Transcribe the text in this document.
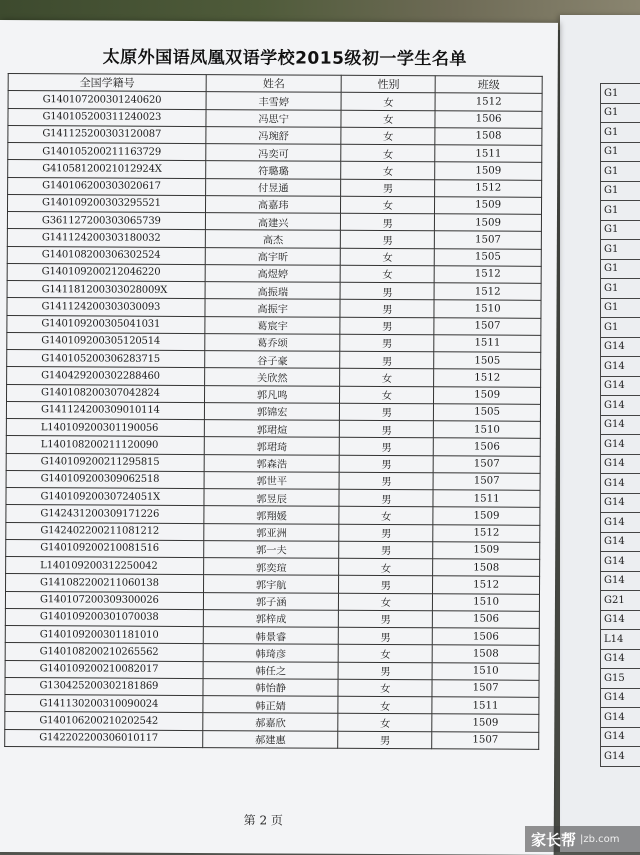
G1
G1
G1
G1
G1
G1
G1
G1
G1
G1
G1
G1
G1
G14
G14
G14
G14
G14
G14
G14
G14
G14
G14
G14
G14
G14
G21
G14
L14
G14
G15
G14
G14
G14
G14
太原外国语凤凰双语学校2015级初一学生名单
全国学籍号	姓名	性别	班级
G140107200301240620	丰雪婷	女	1512
G140105200311240023	冯思宁	女	1506
G141125200303120087	冯琬舒	女	1508
G140105200211163729	冯奕可	女	1511
G410581200210129​24X	符璐璐	女	1509
G140106200303020617	付昱通	男	1512
G140109200303295521	高嘉玮	女	1509
G361127200303065739	高建兴	男	1509
G141124200303180032	高杰	男	1507
G140108200306302524	高宇昕	女	1505
G140109200212046220	高煜婷	女	1512
G141181200303028009X	高振瑞	男	1512
G141124200303030093	高振宇	男	1510
G140109200305041031	葛宸宇	男	1507
G140109200305120514	葛乔颂	男	1511
G140105200306283715	谷子豪	男	1505
G140429200302288460	关欣然	女	1512
G140108200307042824	郭凡鸣	女	1509
G141124200309010114	郭锦宏	男	1505
L140109200301190056	郭珺煊	男	1510
L140108200211120090	郭珺琦	男	1506
G140109200211295815	郭森浩	男	1507
G140109200309062518	郭世平	男	1507
G14010920030724051X	郭昱辰	男	1511
G142431200309171226	郭翔媛	女	1509
G142402200211081212	郭亚洲	男	1512
G140109200210081516	郭一夫	男	1509
L140109200312250042	郭奕瑄	女	1508
G141082200211060138	郭宇航	男	1512
G140107200309300026	郭子涵	女	1510
G140109200301070038	郭梓成	男	1506
G140109200301181010	韩景睿	男	1506
G140108200210265562	韩琦彦	女	1508
G140109200210082017	韩任之	男	1510
G130425200302181869	韩怡静	女	1507
G141130200310090024	韩正婧	女	1511
G140106200210202542	郝嘉欣	女	1509
G142202200306010117	郝建惠	男	1507
第 2 页
家长帮 |zb.com
